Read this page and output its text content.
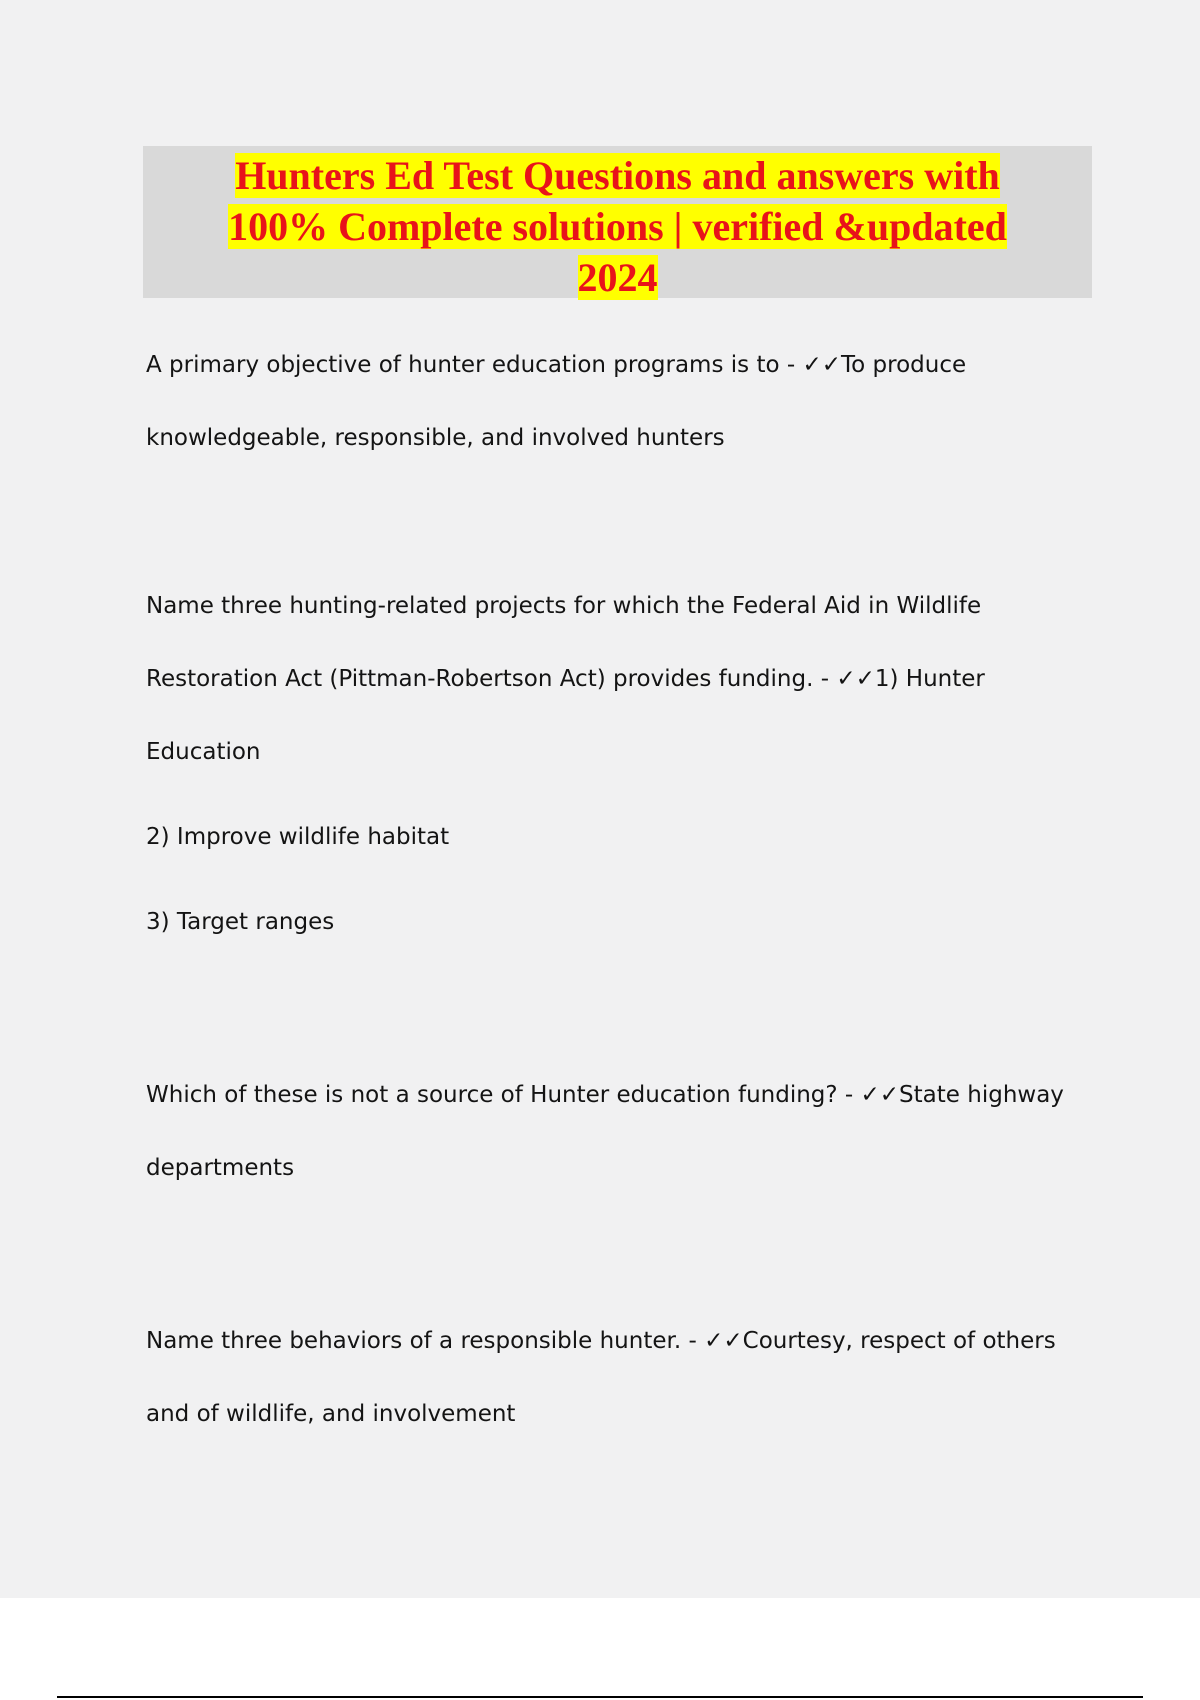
Hunters Ed Test Questions and answers with
100% Complete solutions | verified &updated
2024

A primary objective of hunter education programs is to - ✓✓To produce
knowledgeable, responsible, and involved hunters

Name three hunting-related projects for which the Federal Aid in Wildlife
Restoration Act (Pittman-Robertson Act) provides funding. - ✓✓1) Hunter
Education

2) Improve wildlife habitat

3) Target ranges

Which of these is not a source of Hunter education funding? - ✓✓State highway
departments

Name three behaviors of a responsible hunter. - ✓✓Courtesy, respect of others
and of wildlife, and involvement
